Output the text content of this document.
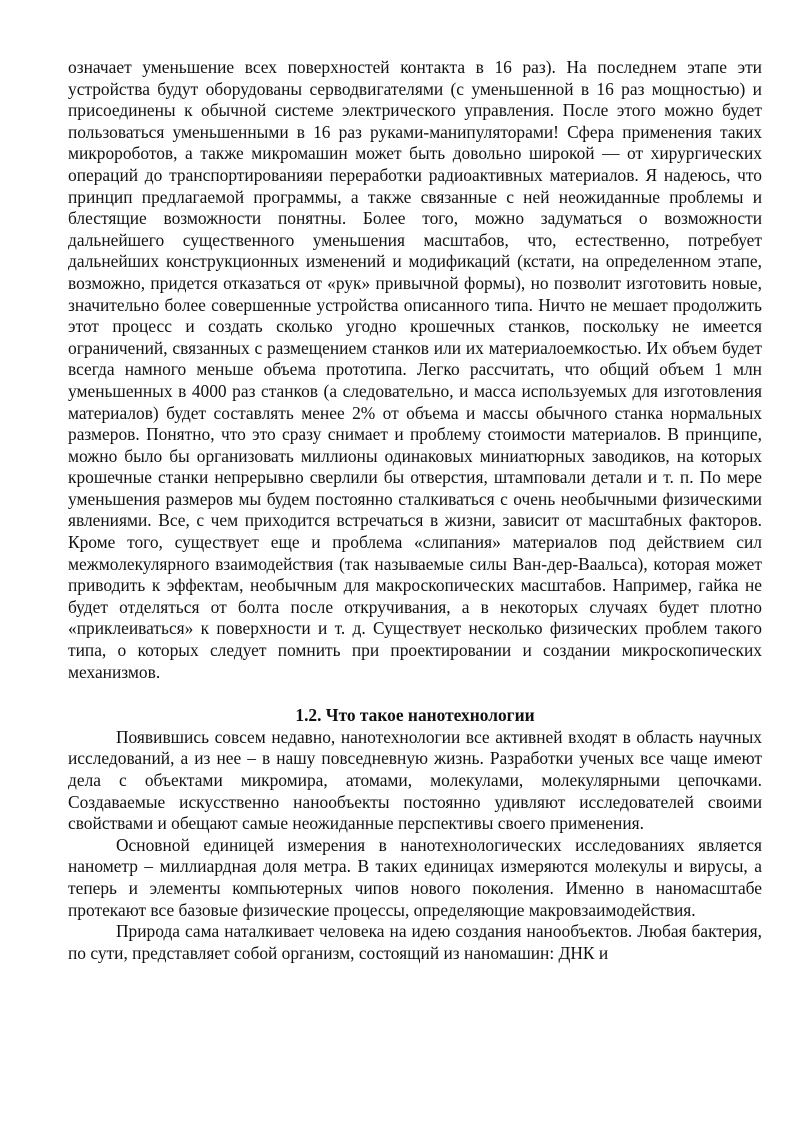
означает уменьшение всех поверхностей контакта в 16 раз). На последнем этапе эти устройства будут оборудованы серводвигателями (с уменьшенной в 16 раз мощностью) и присоединены к обычной системе электрического управления. После этого можно будет пользоваться уменьшенными в 16 раз руками-манипуляторами! Сфера применения таких микророботов, а также микромашин может быть довольно широкой — от хирургических операций до транспортированияи переработки радиоактивных материалов. Я надеюсь, что принцип предлагаемой программы, а также связанные с ней неожиданные проблемы и блестящие возможности понятны. Более того, можно задуматься о возможности дальнейшего существенного уменьшения масштабов, что, естественно, потребует дальнейших конструкционных изменений и модификаций (кстати, на определенном этапе, возможно, придется отказаться от «рук» привычной формы), но позволит изготовить новые, значительно более совершенные устройства описанного типа. Ничто не мешает продолжить этот процесс и создать сколько угодно крошечных станков, поскольку не имеется ограничений, связанных с размещением станков или их материалоемкостью. Их объем будет всегда намного меньше объема прототипа. Легко рассчитать, что общий объем 1 млн уменьшенных в 4000 раз станков (а следовательно, и масса используемых для изготовления материалов) будет составлять менее 2% от объема и массы обычного станка нормальных размеров. Понятно, что это сразу снимает и проблему стоимости материалов. В принципе, можно было бы организовать миллионы одинаковых миниатюрных заводиков, на которых крошечные станки непрерывно сверлили бы отверстия, штамповали детали и т. п. По мере уменьшения размеров мы будем постоянно сталкиваться с очень необычными физическими явлениями. Все, с чем приходится встречаться в жизни, зависит от масштабных факторов. Кроме того, существует еще и проблема «слипания» материалов под действием сил межмолекулярного взаимодействия (так называемые силы Ван-дер-Ваальса), которая может приводить к эффектам, необычным для макроскопических масштабов. Например, гайка не будет отделяться от болта после откручивания, а в некоторых случаях будет плотно «приклеиваться» к поверхности и т. д. Существует несколько физических проблем такого типа, о которых следует помнить при проектировании и создании микроскопических механизмов.

1.2. Что такое нанотехнологии

Появившись совсем недавно, нанотехнологии все активней входят в область научных исследований, а из нее – в нашу повседневную жизнь. Разработки ученых все чаще имеют дела с объектами микромира, атомами, молекулами, молекулярными цепочками. Создаваемые искусственно нанообъекты постоянно удивляют исследователей своими свойствами и обещают самые неожиданные перспективы своего применения.

Основной единицей измерения в нанотехнологических исследованиях является нанометр – миллиардная доля метра. В таких единицах измеряются молекулы и вирусы, а теперь и элементы компьютерных чипов нового поколения. Именно в наномасштабе протекают все базовые физические процессы, определяющие макровзаимодействия.

Природа сама наталкивает человека на идею создания нанообъектов. Любая бактерия, по сути, представляет собой организм, состоящий из наномашин: ДНК и
